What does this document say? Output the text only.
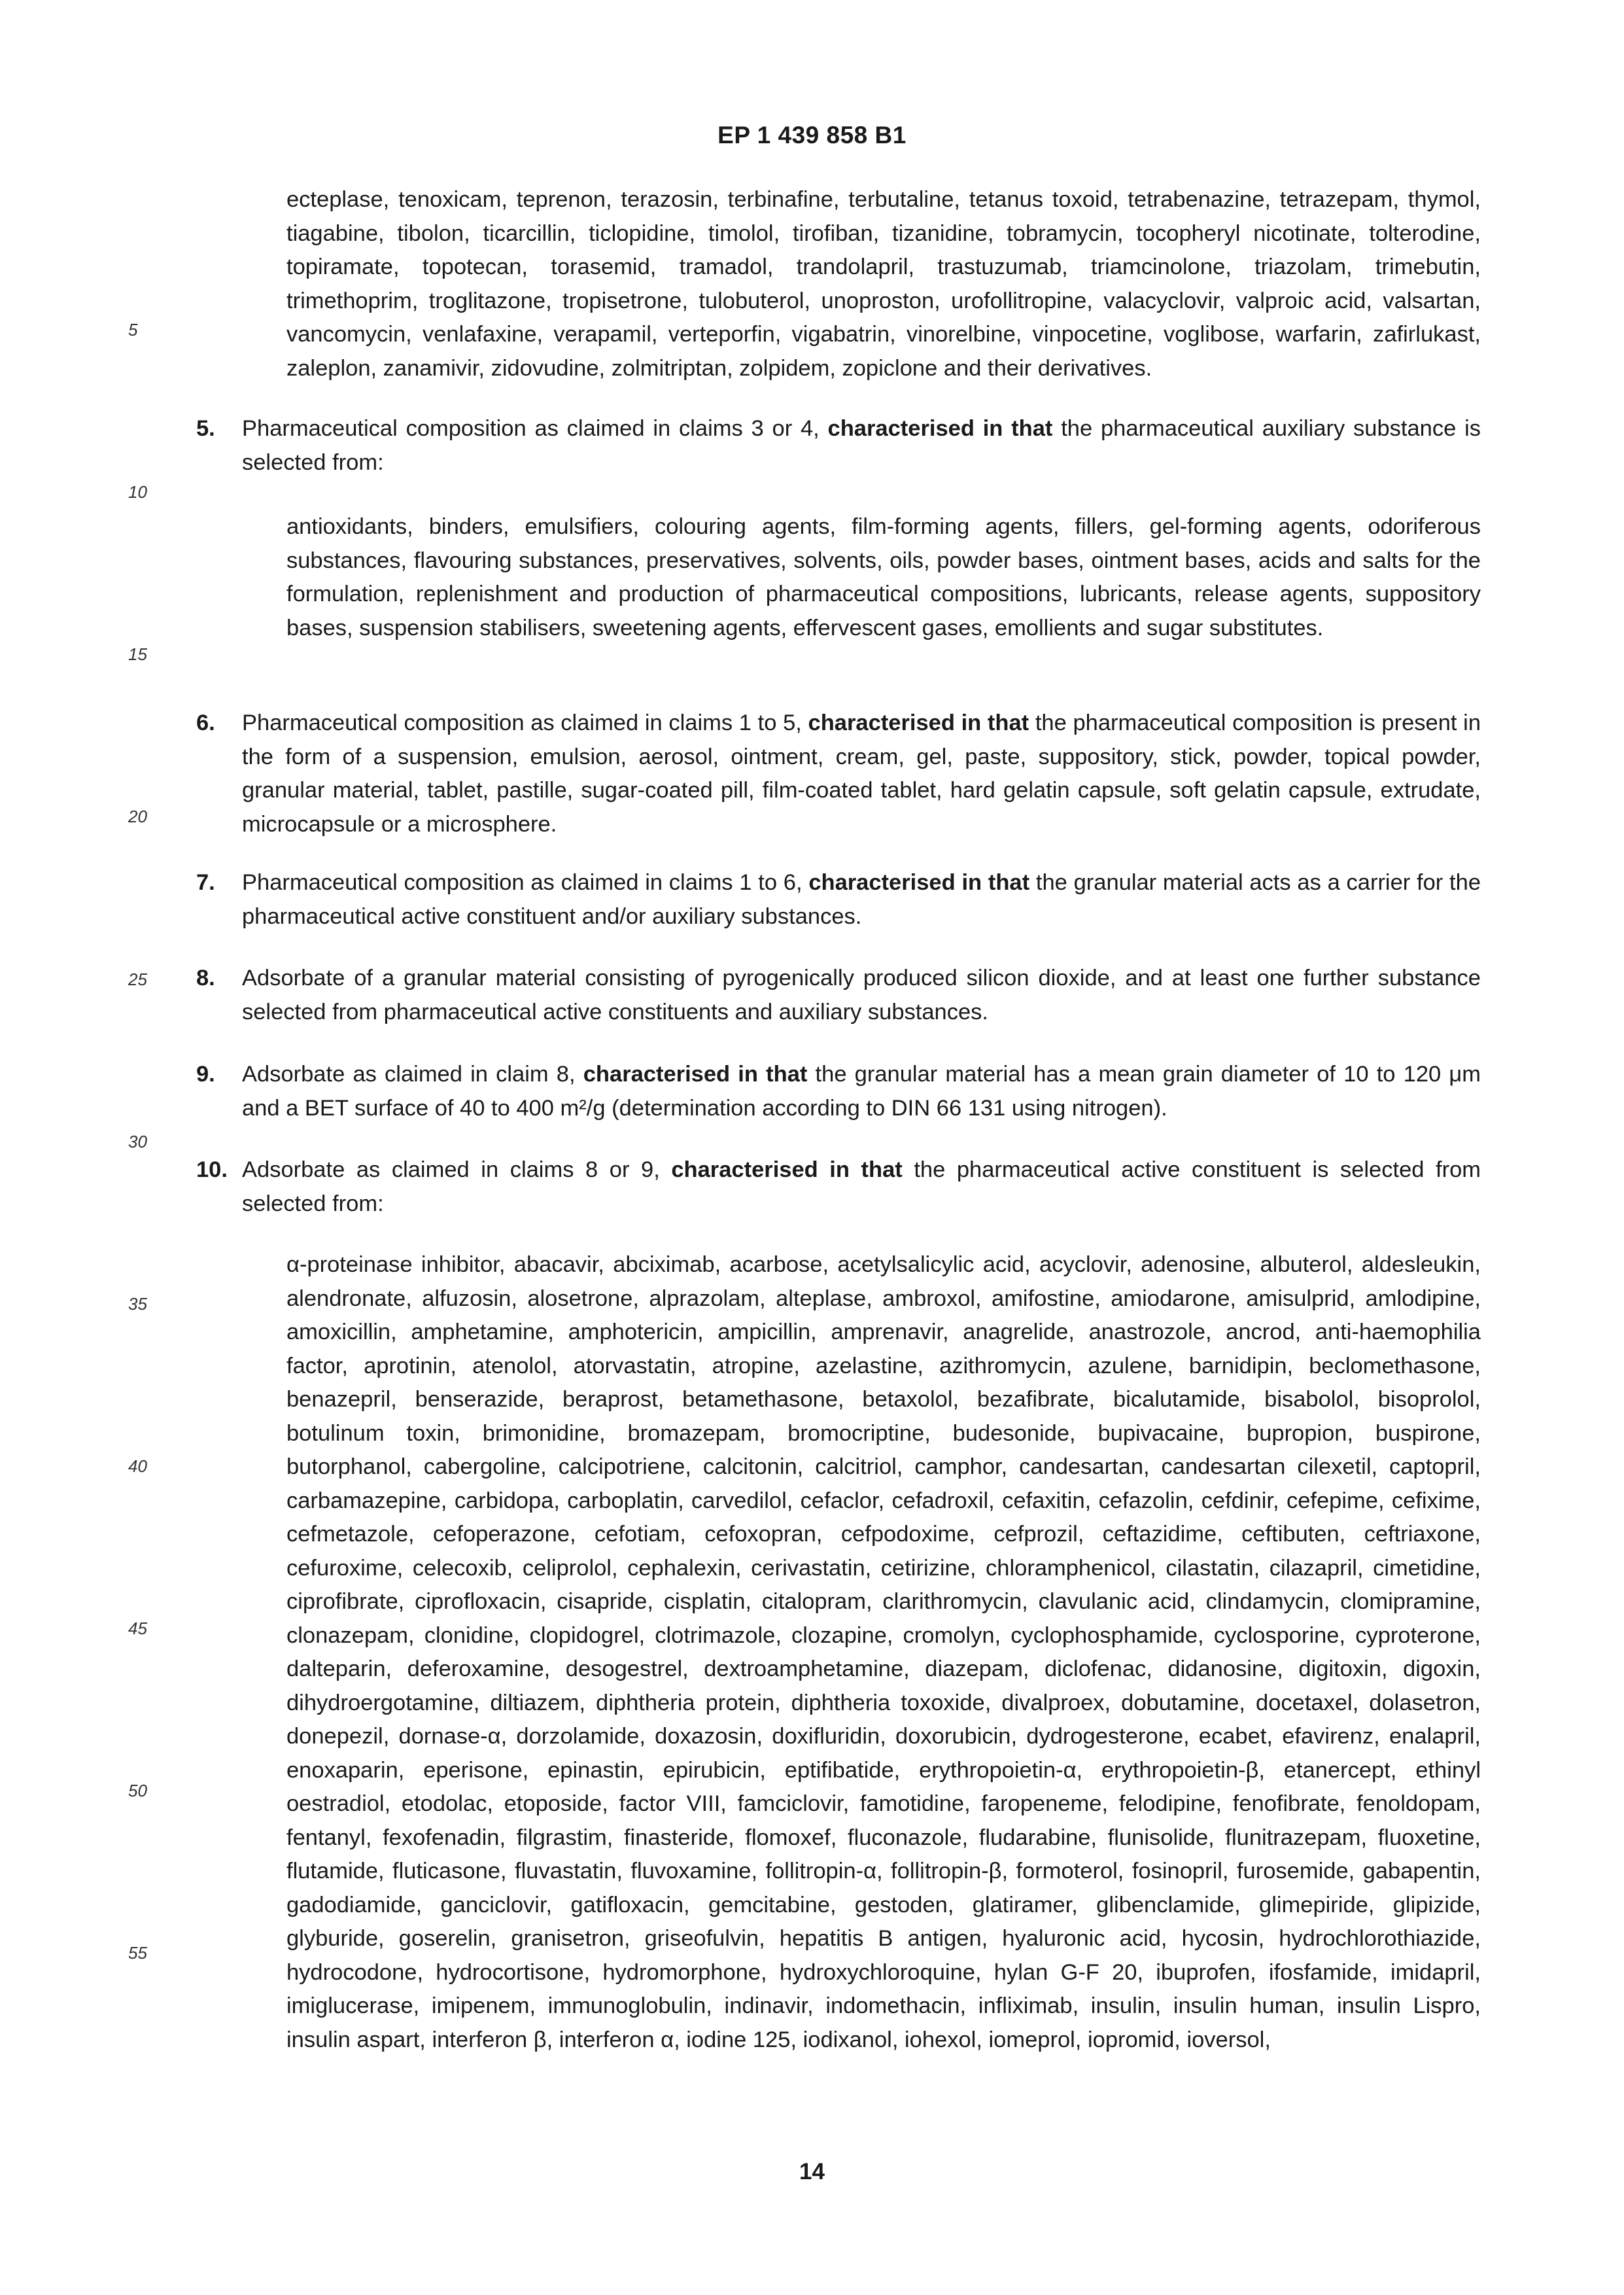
EP 1 439 858 B1
5
10
15
20
25
30
35
40
45
50
55
ecteplase, tenoxicam, teprenon, terazosin, terbinafine, terbutaline, tetanus toxoid, tetrabenazine, tetrazepam, thymol, tiagabine, tibolon, ticarcillin, ticlopidine, timolol, tirofiban, tizanidine, tobramycin, tocopheryl nicotinate, tolterodine, topiramate, topotecan, torasemid, tramadol, trandolapril, trastuzumab, triamcinolone, triazolam, trimebutin, trimethoprim, troglitazone, tropisetrone, tulobuterol, unoproston, urofollitropine, valacyclovir, valproic acid, valsartan, vancomycin, venlafaxine, verapamil, verteporfin, vigabatrin, vinorelbine, vinpocetine, voglibose, warfarin, zafirlukast, zaleplon, zanamivir, zidovudine, zolmitriptan, zolpidem, zopiclone and their derivatives.
5. Pharmaceutical composition as claimed in claims 3 or 4, characterised in that the pharmaceutical auxiliary substance is selected from:
antioxidants, binders, emulsifiers, colouring agents, film-forming agents, fillers, gel-forming agents, odoriferous substances, flavouring substances, preservatives, solvents, oils, powder bases, ointment bases, acids and salts for the formulation, replenishment and production of pharmaceutical compositions, lubricants, release agents, suppository bases, suspension stabilisers, sweetening agents, effervescent gases, emollients and sugar substitutes.
6. Pharmaceutical composition as claimed in claims 1 to 5, characterised in that the pharmaceutical composition is present in the form of a suspension, emulsion, aerosol, ointment, cream, gel, paste, suppository, stick, powder, topical powder, granular material, tablet, pastille, sugar-coated pill, film-coated tablet, hard gelatin capsule, soft gelatin capsule, extrudate, microcapsule or a microsphere.
7. Pharmaceutical composition as claimed in claims 1 to 6, characterised in that the granular material acts as a carrier for the pharmaceutical active constituent and/or auxiliary substances.
8. Adsorbate of a granular material consisting of pyrogenically produced silicon dioxide, and at least one further substance selected from pharmaceutical active constituents and auxiliary substances.
9. Adsorbate as claimed in claim 8, characterised in that the granular material has a mean grain diameter of 10 to 120 μm and a BET surface of 40 to 400 m²/g (determination according to DIN 66 131 using nitrogen).
10. Adsorbate as claimed in claims 8 or 9, characterised in that the pharmaceutical active constituent is selected from selected from:
α-proteinase inhibitor, abacavir, abciximab, acarbose, acetylsalicylic acid, acyclovir, adenosine, albuterol, aldesleukin, alendronate, alfuzosin, alosetrone, alprazolam, alteplase, ambroxol, amifostine, amiodarone, amisulprid, amlodipine, amoxicillin, amphetamine, amphotericin, ampicillin, amprenavir, anagrelide, anastrozole, ancrod, anti-haemophilia factor, aprotinin, atenolol, atorvastatin, atropine, azelastine, azithromycin, azulene, barnidipin, beclomethasone, benazepril, benserazide, beraprost, betamethasone, betaxolol, bezafibrate, bicalutamide, bisabolol, bisoprolol, botulinum toxin, brimonidine, bromazepam, bromocriptine, budesonide, bupivacaine, bupropion, buspirone, butorphanol, cabergoline, calcipotriene, calcitonin, calcitriol, camphor, candesartan, candesartan cilexetil, captopril, carbamazepine, carbidopa, carboplatin, carvedilol, cefaclor, cefadroxil, cefaxitin, cefazolin, cefdinir, cefepime, cefixime, cefmetazole, cefoperazone, cefotiam, cefoxopran, cefpodoxime, cefprozil, ceftazidime, ceftibuten, ceftriaxone, cefuroxime, celecoxib, celiprolol, cephalexin, cerivastatin, cetirizine, chloramphenicol, cilastatin, cilazapril, cimetidine, ciprofibrate, ciprofloxacin, cisapride, cisplatin, citalopram, clarithromycin, clavulanic acid, clindamycin, clomipramine, clonazepam, clonidine, clopidogrel, clotrimazole, clozapine, cromolyn, cyclophosphamide, cyclosporine, cyproterone, dalteparin, deferoxamine, desogestrel, dextroamphetamine, diazepam, diclofenac, didanosine, digitoxin, digoxin, dihydroergotamine, diltiazem, diphtheria protein, diphtheria toxoxide, divalproex, dobutamine, docetaxel, dolasetron, donepezil, dornase-α, dorzolamide, doxazosin, doxifluridin, doxorubicin, dydrogesterone, ecabet, efavirenz, enalapril, enoxaparin, eperisone, epinastin, epirubicin, eptifibatide, erythropoietin-α, erythropoietin-β, etanercept, ethinyl oestradiol, etodolac, etoposide, factor VIII, famciclovir, famotidine, faropeneme, felodipine, fenofibrate, fenoldopam, fentanyl, fexofenadin, filgrastim, finasteride, flomoxef, fluconazole, fludarabine, flunisolide, flunitrazepam, fluoxetine, flutamide, fluticasone, fluvastatin, fluvoxamine, follitropin-α, follitropin-β, formoterol, fosinopril, furosemide, gabapentin, gadodiamide, ganciclovir, gatifloxacin, gemcitabine, gestoden, glatiramer, glibenclamide, glimepiride, glipizide, glyburide, goserelin, granisetron, griseofulvin, hepatitis B antigen, hyaluronic acid, hycosin, hydrochlorothiazide, hydrocodone, hydrocortisone, hydromorphone, hydroxychloroquine, hylan G-F 20, ibuprofen, ifosfamide, imidapril, imiglucerase, imipenem, immunoglobulin, indinavir, indomethacin, infliximab, insulin, insulin human, insulin Lispro, insulin aspart, interferon β, interferon α, iodine 125, iodixanol, iohexol, iomeprol, iopromid, ioversol,
14
